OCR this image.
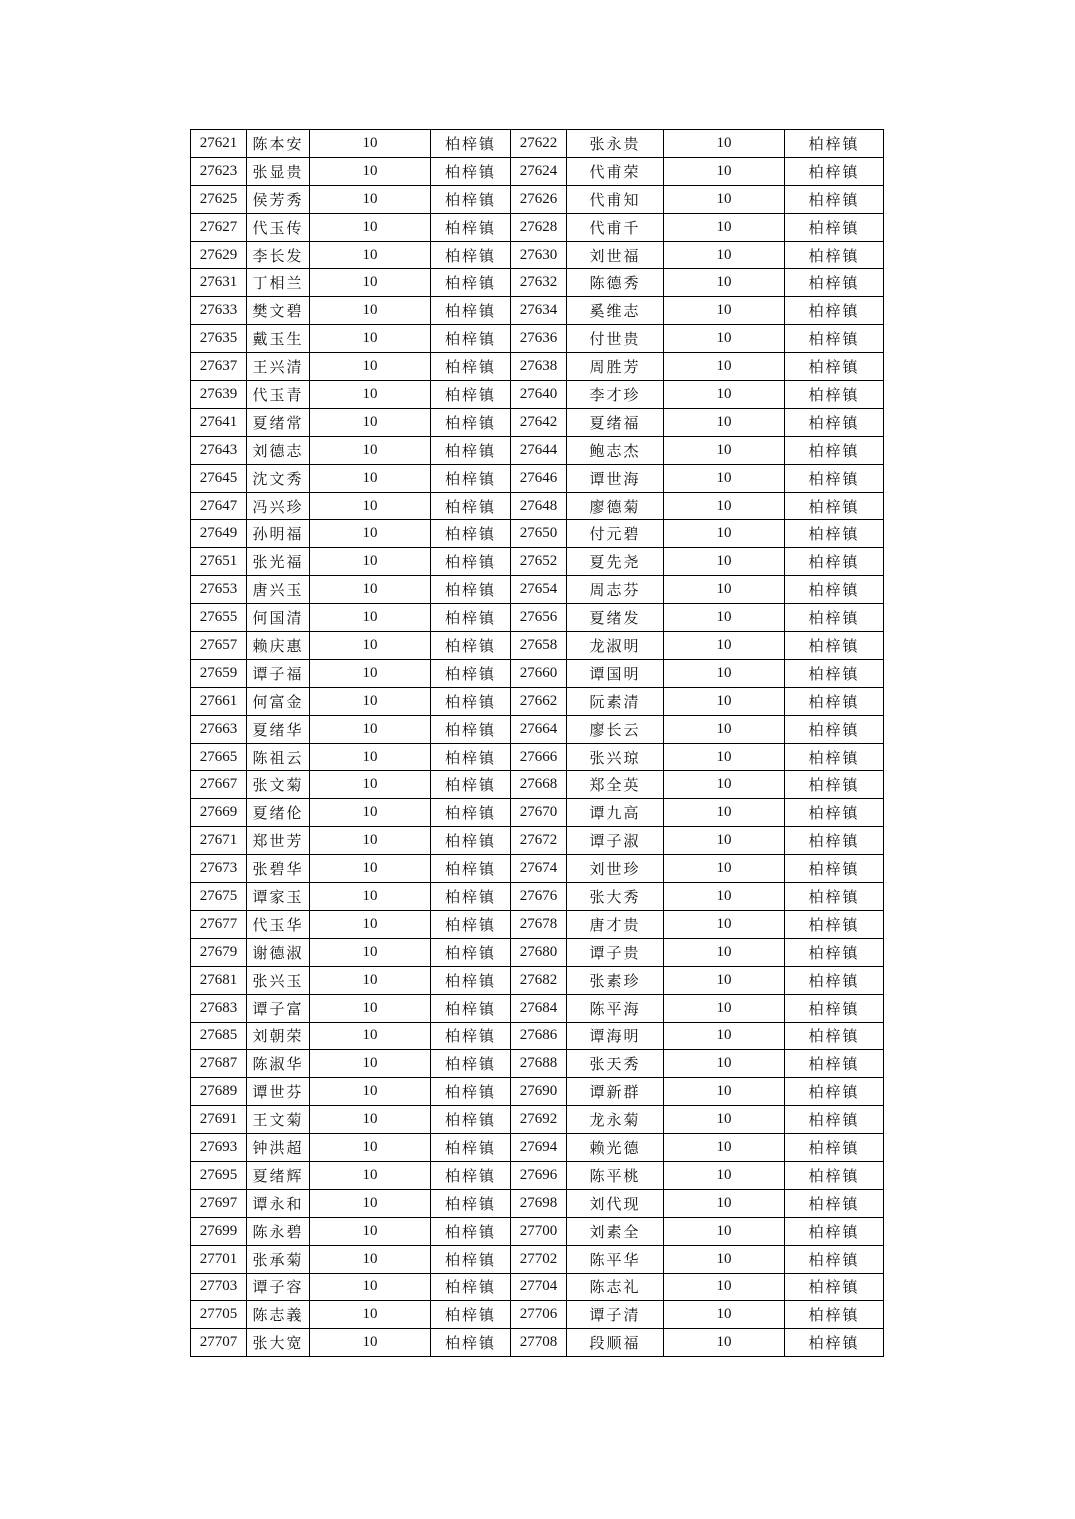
27621	陈本安	10	柏梓镇	27622	张永贵	10	柏梓镇
27623	张显贵	10	柏梓镇	27624	代甫荣	10	柏梓镇
27625	侯芳秀	10	柏梓镇	27626	代甫知	10	柏梓镇
27627	代玉传	10	柏梓镇	27628	代甫千	10	柏梓镇
27629	李长发	10	柏梓镇	27630	刘世福	10	柏梓镇
27631	丁相兰	10	柏梓镇	27632	陈德秀	10	柏梓镇
27633	樊文碧	10	柏梓镇	27634	奚维志	10	柏梓镇
27635	戴玉生	10	柏梓镇	27636	付世贵	10	柏梓镇
27637	王兴清	10	柏梓镇	27638	周胜芳	10	柏梓镇
27639	代玉青	10	柏梓镇	27640	李才珍	10	柏梓镇
27641	夏绪常	10	柏梓镇	27642	夏绪福	10	柏梓镇
27643	刘德志	10	柏梓镇	27644	鲍志杰	10	柏梓镇
27645	沈文秀	10	柏梓镇	27646	谭世海	10	柏梓镇
27647	冯兴珍	10	柏梓镇	27648	廖德菊	10	柏梓镇
27649	孙明福	10	柏梓镇	27650	付元碧	10	柏梓镇
27651	张光福	10	柏梓镇	27652	夏先尧	10	柏梓镇
27653	唐兴玉	10	柏梓镇	27654	周志芬	10	柏梓镇
27655	何国清	10	柏梓镇	27656	夏绪发	10	柏梓镇
27657	赖庆惠	10	柏梓镇	27658	龙淑明	10	柏梓镇
27659	谭子福	10	柏梓镇	27660	谭国明	10	柏梓镇
27661	何富金	10	柏梓镇	27662	阮素清	10	柏梓镇
27663	夏绪华	10	柏梓镇	27664	廖长云	10	柏梓镇
27665	陈祖云	10	柏梓镇	27666	张兴琼	10	柏梓镇
27667	张文菊	10	柏梓镇	27668	郑全英	10	柏梓镇
27669	夏绪伦	10	柏梓镇	27670	谭九高	10	柏梓镇
27671	郑世芳	10	柏梓镇	27672	谭子淑	10	柏梓镇
27673	张碧华	10	柏梓镇	27674	刘世珍	10	柏梓镇
27675	谭家玉	10	柏梓镇	27676	张大秀	10	柏梓镇
27677	代玉华	10	柏梓镇	27678	唐才贵	10	柏梓镇
27679	谢德淑	10	柏梓镇	27680	谭子贵	10	柏梓镇
27681	张兴玉	10	柏梓镇	27682	张素珍	10	柏梓镇
27683	谭子富	10	柏梓镇	27684	陈平海	10	柏梓镇
27685	刘朝荣	10	柏梓镇	27686	谭海明	10	柏梓镇
27687	陈淑华	10	柏梓镇	27688	张天秀	10	柏梓镇
27689	谭世芬	10	柏梓镇	27690	谭新群	10	柏梓镇
27691	王文菊	10	柏梓镇	27692	龙永菊	10	柏梓镇
27693	钟洪超	10	柏梓镇	27694	赖光德	10	柏梓镇
27695	夏绪辉	10	柏梓镇	27696	陈平桃	10	柏梓镇
27697	谭永和	10	柏梓镇	27698	刘代现	10	柏梓镇
27699	陈永碧	10	柏梓镇	27700	刘素全	10	柏梓镇
27701	张承菊	10	柏梓镇	27702	陈平华	10	柏梓镇
27703	谭子容	10	柏梓镇	27704	陈志礼	10	柏梓镇
27705	陈志義	10	柏梓镇	27706	谭子清	10	柏梓镇
27707	张大宽	10	柏梓镇	27708	段顺福	10	柏梓镇
